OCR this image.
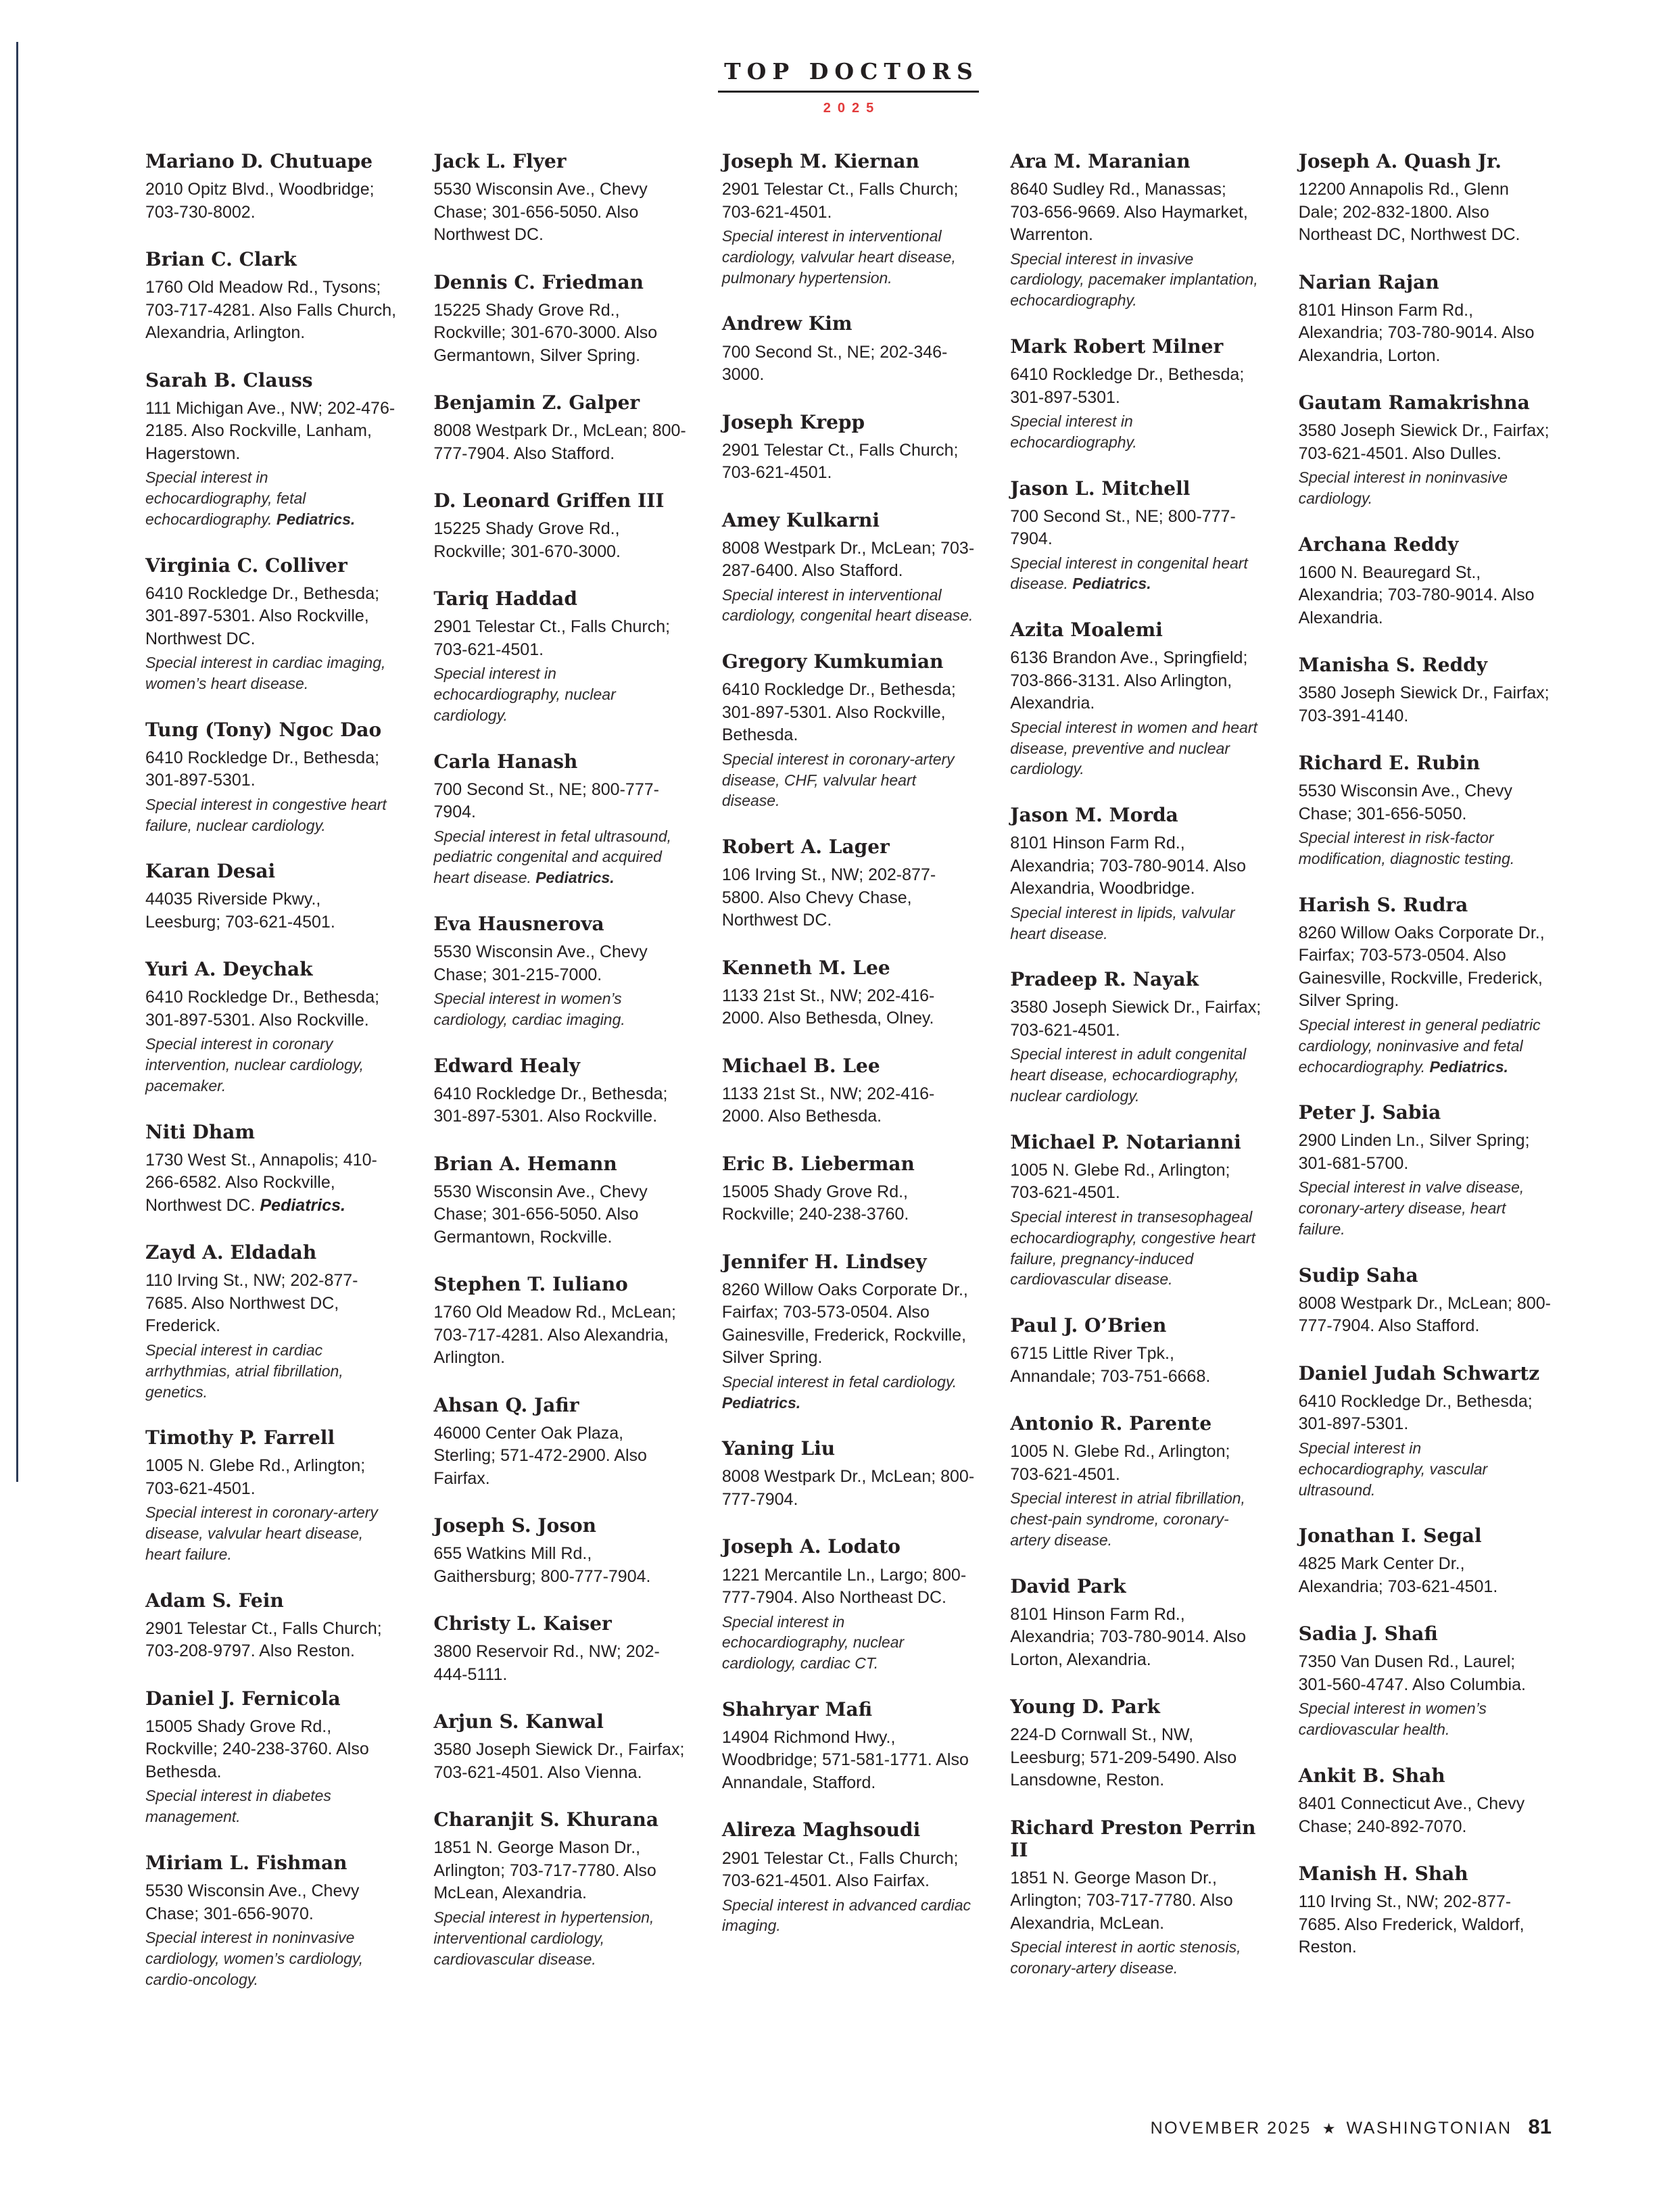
TOP DOCTORS
2025
Mariano D. Chutuape

2010 Opitz Blvd., Woodbridge; 703-730-8002.

Brian C. Clark

1760 Old Meadow Rd., Tysons; 703-717-4281. Also Falls Church, Alexandria, Arlington.

Sarah B. Clauss

111 Michigan Ave., NW; 202-476-2185. Also Rockville, Lanham, Hagerstown.

Special interest in echocardiography, fetal echocardiography. Pediatrics.

Virginia C. Colliver

6410 Rockledge Dr., Bethesda; 301-897-5301. Also Rockville, Northwest DC.

Special interest in cardiac imaging, women’s heart disease.

Tung (Tony) Ngoc Dao

6410 Rockledge Dr., Bethesda; 301-897-5301.

Special interest in congestive heart failure, nuclear cardiology.

Karan Desai

44035 Riverside Pkwy., Leesburg; 703-621-4501.

Yuri A. Deychak

6410 Rockledge Dr., Bethesda; 301-897-5301. Also Rockville.

Special interest in coronary intervention, nuclear cardiology, pacemaker.

Niti Dham

1730 West St., Annapolis; 410-266-6582. Also Rockville, Northwest DC. Pediatrics.

Zayd A. Eldadah

110 Irving St., NW; 202-877-7685. Also Northwest DC, Frederick.

Special interest in cardiac arrhythmias, atrial fibrillation, genetics.

Timothy P. Farrell

1005 N. Glebe Rd., Arlington; 703-621-4501.

Special interest in coronary-artery disease, valvular heart disease, heart failure.

Adam S. Fein

2901 Telestar Ct., Falls Church; 703-208-9797. Also Reston.

Daniel J. Fernicola

15005 Shady Grove Rd., Rockville; 240-238-3760. Also Bethesda.

Special interest in diabetes management.

Miriam L. Fishman

5530 Wisconsin Ave., Chevy Chase; 301-656-9070.

Special interest in noninvasive cardiology, women’s cardiology, cardio-oncology.

Jack L. Flyer

5530 Wisconsin Ave., Chevy Chase; 301-656-5050. Also Northwest DC.

Dennis C. Friedman

15225 Shady Grove Rd., Rockville; 301-670-3000. Also Germantown, Silver Spring.

Benjamin Z. Galper

8008 Westpark Dr., McLean; 800-777-7904. Also Stafford.

D. Leonard Griffen III

15225 Shady Grove Rd., Rockville; 301-670-3000.

Tariq Haddad

2901 Telestar Ct., Falls Church; 703-621-4501.

Special interest in echocardiography, nuclear cardiology.

Carla Hanash

700 Second St., NE; 800-777-7904.

Special interest in fetal ultrasound, pediatric congenital and acquired heart disease. Pediatrics.

Eva Hausnerova

5530 Wisconsin Ave., Chevy Chase; 301-215-7000.

Special interest in women’s cardiology, cardiac imaging.

Edward Healy

6410 Rockledge Dr., Bethesda; 301-897-5301. Also Rockville.

Brian A. Hemann

5530 Wisconsin Ave., Chevy Chase; 301-656-5050. Also Germantown, Rockville.

Stephen T. Iuliano

1760 Old Meadow Rd., McLean; 703-717-4281. Also Alexandria, Arlington.

Ahsan Q. Jafir

46000 Center Oak Plaza, Sterling; 571-472-2900. Also Fairfax.

Joseph S. Joson

655 Watkins Mill Rd., Gaithersburg; 800-777-7904.

Christy L. Kaiser

3800 Reservoir Rd., NW; 202-444-5111.

Arjun S. Kanwal

3580 Joseph Siewick Dr., Fairfax; 703-621-4501. Also Vienna.

Charanjit S. Khurana

1851 N. George Mason Dr., Arlington; 703-717-7780. Also McLean, Alexandria.

Special interest in hypertension, interventional cardiology, cardiovascular disease.

Joseph M. Kiernan

2901 Telestar Ct., Falls Church; 703-621-4501.

Special interest in interventional cardiology, valvular heart disease, pulmonary hypertension.

Andrew Kim

700 Second St., NE; 202-346-3000.

Joseph Krepp

2901 Telestar Ct., Falls Church; 703-621-4501.

Amey Kulkarni

8008 Westpark Dr., McLean; 703-287-6400. Also Stafford.

Special interest in interventional cardiology, congenital heart disease.

Gregory Kumkumian

6410 Rockledge Dr., Bethesda; 301-897-5301. Also Rockville, Bethesda.

Special interest in coronary-artery disease, CHF, valvular heart disease.

Robert A. Lager

106 Irving St., NW; 202-877-5800. Also Chevy Chase, Northwest DC.

Kenneth M. Lee

1133 21st St., NW; 202-416-2000. Also Bethesda, Olney.

Michael B. Lee

1133 21st St., NW; 202-416-2000. Also Bethesda.

Eric B. Lieberman

15005 Shady Grove Rd., Rockville; 240-238-3760.

Jennifer H. Lindsey

8260 Willow Oaks Corporate Dr., Fairfax; 703-573-0504. Also Gainesville, Frederick, Rockville, Silver Spring.

Special interest in fetal cardiology. Pediatrics.

Yaning Liu

8008 Westpark Dr., McLean; 800-777-7904.

Joseph A. Lodato

1221 Mercantile Ln., Largo; 800-777-7904. Also Northeast DC.

Special interest in echocardiography, nuclear cardiology, cardiac CT.

Shahryar Mafi

14904 Richmond Hwy., Woodbridge; 571-581-1771. Also Annandale, Stafford.

Alireza Maghsoudi

2901 Telestar Ct., Falls Church; 703-621-4501. Also Fairfax.

Special interest in advanced cardiac imaging.

Ara M. Maranian

8640 Sudley Rd., Manassas; 703-656-9669. Also Haymarket, Warrenton.

Special interest in invasive cardiology, pacemaker implantation, echocardiography.

Mark Robert Milner

6410 Rockledge Dr., Bethesda; 301-897-5301.

Special interest in echocardiography.

Jason L. Mitchell

700 Second St., NE; 800-777-7904.

Special interest in congenital heart disease. Pediatrics.

Azita Moalemi

6136 Brandon Ave., Springfield; 703-866-3131. Also Arlington, Alexandria.

Special interest in women and heart disease, preventive and nuclear cardiology.

Jason M. Morda

8101 Hinson Farm Rd., Alexandria; 703-780-9014. Also Alexandria, Woodbridge.

Special interest in lipids, valvular heart disease.

Pradeep R. Nayak

3580 Joseph Siewick Dr., Fairfax; 703-621-4501.

Special interest in adult congenital heart disease, echocardiography, nuclear cardiology.

Michael P. Notarianni

1005 N. Glebe Rd., Arlington; 703-621-4501.

Special interest in transesophageal echocardiography, congestive heart failure, pregnancy-induced cardiovascular disease.

Paul J. O’Brien

6715 Little River Tpk., Annandale; 703-751-6668.

Antonio R. Parente

1005 N. Glebe Rd., Arlington; 703-621-4501.

Special interest in atrial fibrillation, chest-pain syndrome, coronary-artery disease.

David Park

8101 Hinson Farm Rd., Alexandria; 703-780-9014. Also Lorton, Alexandria.

Young D. Park

224-D Cornwall St., NW, Leesburg; 571-209-5490. Also Lansdowne, Reston.

Richard Preston Perrin II

1851 N. George Mason Dr., Arlington; 703-717-7780. Also Alexandria, McLean.

Special interest in aortic stenosis, coronary-artery disease.

Joseph A. Quash Jr.

12200 Annapolis Rd., Glenn Dale; 202-832-1800. Also Northeast DC, Northwest DC.

Narian Rajan

8101 Hinson Farm Rd., Alexandria; 703-780-9014. Also Alexandria, Lorton.

Gautam Ramakrishna

3580 Joseph Siewick Dr., Fairfax; 703-621-4501. Also Dulles.

Special interest in noninvasive cardiology.

Archana Reddy

1600 N. Beauregard St., Alexandria; 703-780-9014. Also Alexandria.

Manisha S. Reddy

3580 Joseph Siewick Dr., Fairfax; 703-391-4140.

Richard E. Rubin

5530 Wisconsin Ave., Chevy Chase; 301-656-5050.

Special interest in risk-factor modification, diagnostic testing.

Harish S. Rudra

8260 Willow Oaks Corporate Dr., Fairfax; 703-573-0504. Also Gainesville, Rockville, Frederick, Silver Spring.

Special interest in general pediatric cardiology, noninvasive and fetal echocardiography. Pediatrics.

Peter J. Sabia

2900 Linden Ln., Silver Spring; 301-681-5700.

Special interest in valve disease, coronary-artery disease, heart failure.

Sudip Saha

8008 Westpark Dr., McLean; 800-777-7904. Also Stafford.

Daniel Judah Schwartz

6410 Rockledge Dr., Bethesda; 301-897-5301.

Special interest in echocardiography, vascular ultrasound.

Jonathan I. Segal

4825 Mark Center Dr., Alexandria; 703-621-4501.

Sadia J. Shafi

7350 Van Dusen Rd., Laurel; 301-560-4747. Also Columbia.

Special interest in women’s cardiovascular health.

Ankit B. Shah

8401 Connecticut Ave., Chevy Chase; 240-892-7070.

Manish H. Shah

110 Irving St., NW; 202-877-7685. Also Frederick, Waldorf, Reston.

NOVEMBER 2025 ★ WASHINGTONIAN 81
